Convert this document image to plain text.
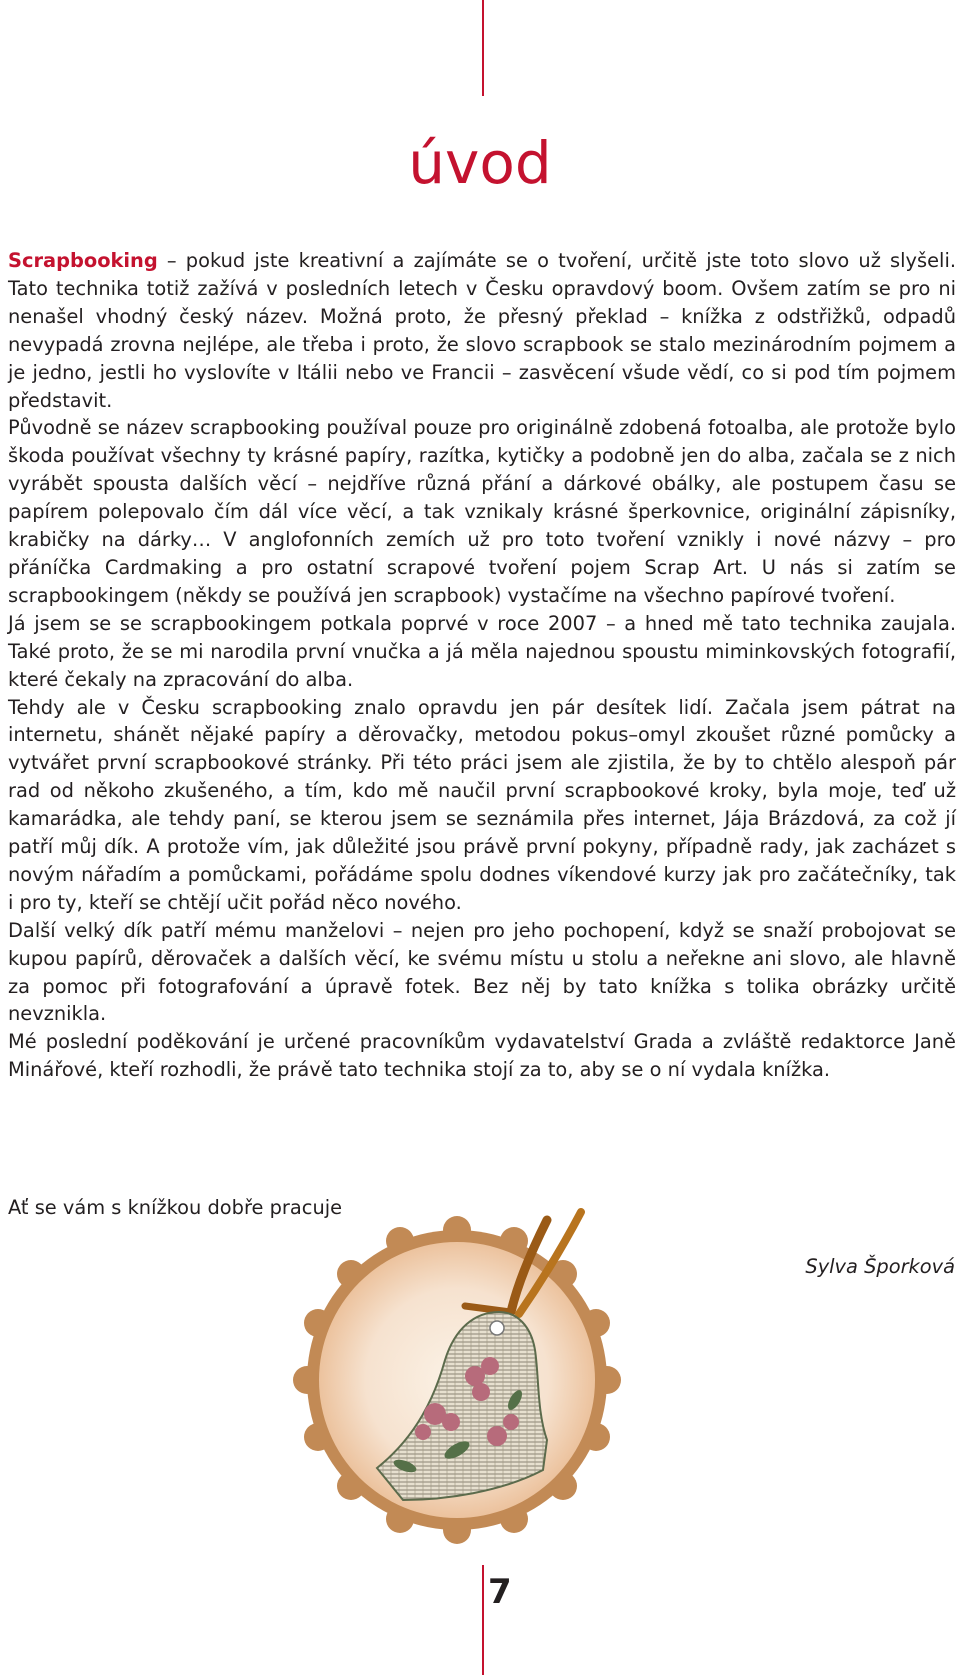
úvod

Scrapbooking – pokud jste kreativní a zajímáte se o tvoření, určitě jste toto slovo už slyšeli. Tato technika totiž zažívá v posledních letech v Česku opravdový boom. Ovšem zatím se pro ni nenašel vhodný český název. Možná proto, že přesný překlad – knížka z odstřižků, odpadů nevypadá zrovna nejlépe, ale třeba i proto, že slovo scrapbook se stalo mezinárodním pojmem a je jedno, jestli ho vyslovíte v Itálii nebo ve Francii – zasvěcení všude vědí, co si pod tím pojmem představit.

Původně se název scrapbooking používal pouze pro originálně zdobená fotoalba, ale protože bylo škoda používat všechny ty krásné papíry, razítka, kytičky a podobně jen do alba, začala se z nich vyrábět spousta dalších věcí – nejdříve různá přání a dárkové obálky, ale postupem času se papírem polepovalo čím dál více věcí, a tak vznikaly krásné šperkovnice, originální zápisníky, krabičky na dárky… V anglofonních zemích už pro toto tvoření vznikly i nové názvy – pro přáníčka Cardmaking a pro ostatní scrapové tvoření pojem Scrap Art. U nás si zatím se scrapbookingem (někdy se používá jen scrapbook) vystačíme na všechno papírové tvoření.

Já jsem se se scrapbookingem potkala poprvé v roce 2007 – a hned mě tato technika zaujala. Také proto, že se mi narodila první vnučka a já měla najednou spoustu miminkovských fotografií, které čekaly na zpracování do alba.

Tehdy ale v Česku scrapbooking znalo opravdu jen pár desítek lidí. Začala jsem pátrat na internetu, shánět nějaké papíry a děrovačky, metodou pokus–omyl zkoušet různé pomůcky a vytvářet první scrapbookové stránky. Při této práci jsem ale zjistila, že by to chtělo alespoň pár rad od někoho zkušeného, a tím, kdo mě naučil první scrapbookové kroky, byla moje, teď už kamarádka, ale tehdy paní, se kterou jsem se seznámila přes internet, Jája Brázdová, za což jí patří můj dík. A protože vím, jak důležité jsou právě první pokyny, případně rady, jak zacházet s novým nářadím a pomůckami, pořádáme spolu dodnes víkendové kurzy jak pro začátečníky, tak i pro ty, kteří se chtějí učit pořád něco nového.

Další velký dík patří mému manželovi – nejen pro jeho pochopení, když se snaží probojovat se kupou papírů, děrovaček a dalších věcí, ke svému místu u stolu a neřekne ani slovo, ale hlavně za pomoc při fotografování a úpravě fotek. Bez něj by tato knížka s tolika obrázky určitě nevznikla.

Mé poslední poděkování je určené pracovníkům vydavatelství Grada a zvláště redaktorce Janě Minářové, kteří rozhodli, že právě tato technika stojí za to, aby se o ní vydala knížka.

Ať se vám s knížkou dobře pracuje
Sylva Šporková
7
